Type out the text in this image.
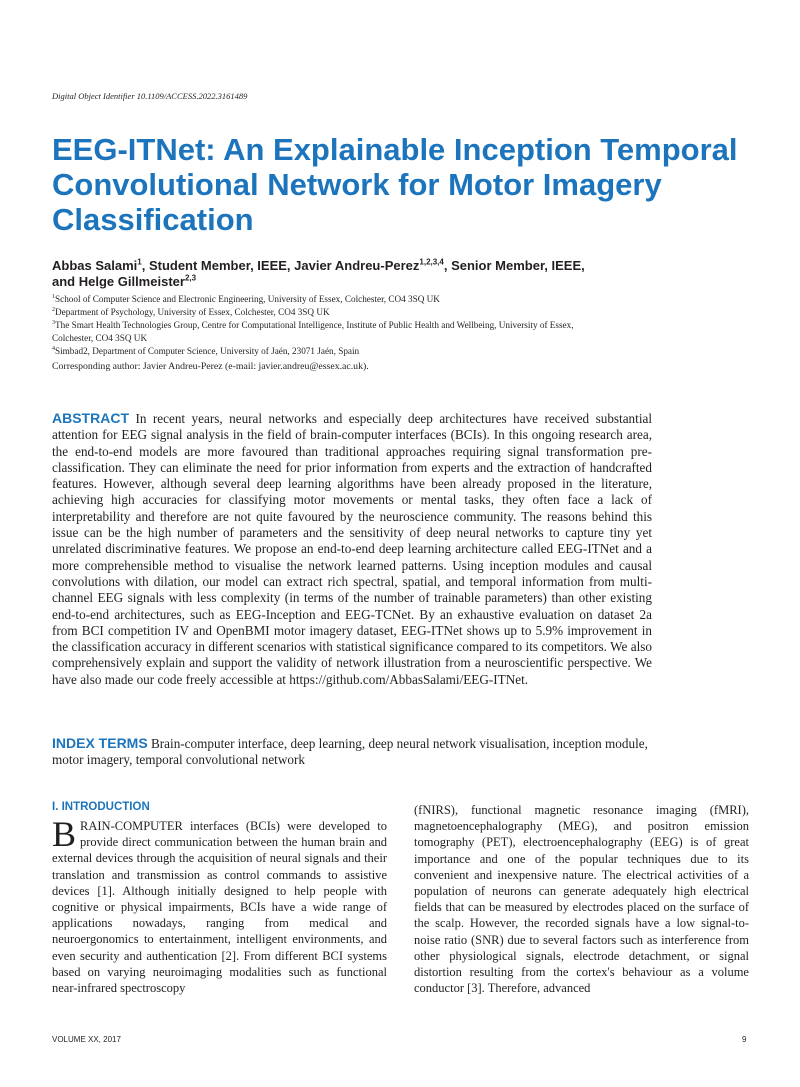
Digital Object Identifier 10.1109/ACCESS.2022.3161489
EEG-ITNet: An Explainable Inception Temporal
Convolutional Network for Motor Imagery
Classification
Abbas Salami$^1$, Student Member, IEEE, Javier Andreu-Perez$^{1,2,3,4}$, Senior Member, IEEE,
and Helge Gillmeister$^{2,3}$
$^1$School of Computer Science and Electronic Engineering, University of Essex, Colchester, CO4 3SQ UK
$^2$Department of Psychology, University of Essex, Colchester, CO4 3SQ UK
$^3$The Smart Health Technologies Group, Centre for Computational Intelligence, Institute of Public Health and Wellbeing, University of Essex,
Colchester, CO4 3SQ UK
$^4$Simbad2, Department of Computer Science, University of Jaén, 23071 Jaén, Spain
Corresponding author: Javier Andreu-Perez (e-mail: javier.andreu@essex.ac.uk).

ABSTRACT In recent years, neural networks and especially deep architectures have received substantial attention for EEG signal analysis in the field of brain-computer interfaces (BCIs). In this ongoing research area, the end-to-end models are more favoured than traditional approaches requiring signal transformation pre-classification. They can eliminate the need for prior information from experts and the extraction of handcrafted features. However, although several deep learning algorithms have been already proposed in the literature, achieving high accuracies for classifying motor movements or mental tasks, they often face a lack of interpretability and therefore are not quite favoured by the neuroscience community. The reasons behind this issue can be the high number of parameters and the sensitivity of deep neural networks to capture tiny yet unrelated discriminative features. We propose an end-to-end deep learning architecture called EEG-ITNet and a more comprehensible method to visualise the network learned patterns. Using inception modules and causal convolutions with dilation, our model can extract rich spectral, spatial, and temporal information from multi-channel EEG signals with less complexity (in terms of the number of trainable parameters) than other existing end-to-end architectures, such as EEG-Inception and EEG-TCNet. By an exhaustive evaluation on dataset 2a from BCI competition IV and OpenBMI motor imagery dataset, EEG-ITNet shows up to 5.9% improvement in the classification accuracy in different scenarios with statistical significance compared to its competitors. We also comprehensively explain and support the validity of network illustration from a neuroscientific perspective. We have also made our code freely accessible at https://github.com/AbbasSalami/EEG-ITNet.

INDEX TERMS Brain-computer interface, deep learning, deep neural network visualisation, inception module, motor imagery, temporal convolutional network

I. INTRODUCTION

BRAIN-COMPUTER interfaces (BCIs) were developed to provide direct communication between the human brain and external devices through the acquisition of neural signals and their translation and transmission as control commands to assistive devices [1]. Although initially designed to help people with cognitive or physical impairments, BCIs have a wide range of applications nowadays, ranging from medical and neuroergonomics to entertainment, intelligent environments, and even security and authentication [2]. From different BCI systems based on varying neuroimaging modalities such as functional near-infrared spectroscopy

(fNIRS), functional magnetic resonance imaging (fMRI), magnetoencephalography (MEG), and positron emission tomography (PET), electroencephalography (EEG) is of great importance and one of the popular techniques due to its convenient and inexpensive nature. The electrical activities of a population of neurons can generate adequately high electrical fields that can be measured by electrodes placed on the surface of the scalp. However, the recorded signals have a low signal-to-noise ratio (SNR) due to several factors such as interference from other physiological signals, electrode detachment, or signal distortion resulting from the cortex's behaviour as a volume conductor [3]. Therefore, advanced

VOLUME XX, 2017	9
